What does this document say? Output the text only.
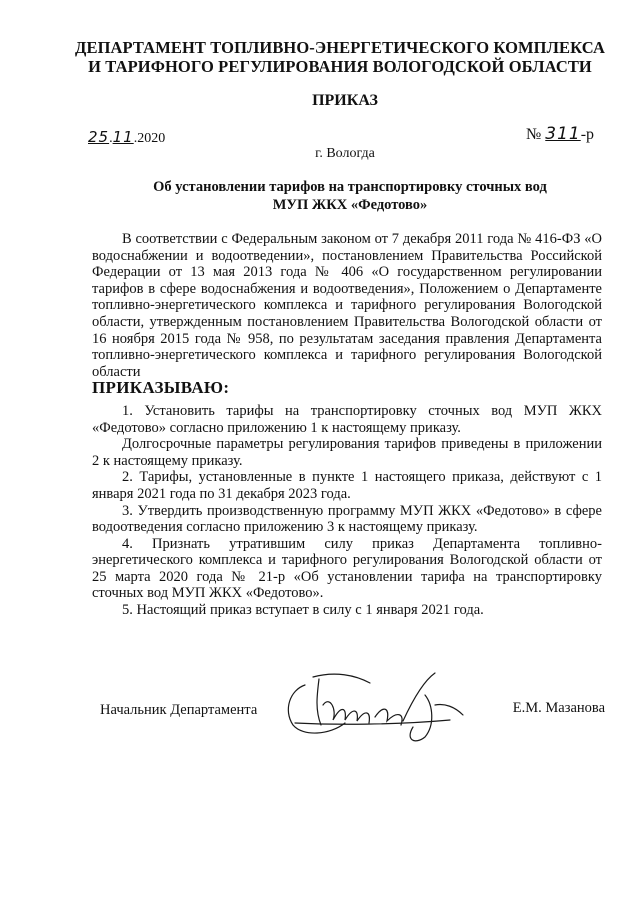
ДЕПАРТАМЕНТ ТОПЛИВНО-ЭНЕРГЕТИЧЕСКОГО КОМПЛЕКСА
И ТАРИФНОГО РЕГУЛИРОВАНИЯ ВОЛОГОДСКОЙ ОБЛАСТИ
ПРИКАЗ
25.11.2020	№ 311-р
г. Вологда
Об установлении тарифов на транспортировку сточных вод
МУП ЖКХ «Федотово»

В соответствии с Федеральным законом от 7 декабря 2011 года № 416-ФЗ «О водоснабжении и водоотведении», постановлением Правительства Российской Федерации от 13 мая 2013 года № 406 «О государственном регулировании тарифов в сфере водоснабжения и водоотведения», Положением о Департаменте топливно-энергетического комплекса и тарифного регулирования Вологодской области, утвержденным постановлением Правительства Вологодской области от 16 ноября 2015 года № 958, по результатам заседания правления Департамента топливно-энергетического комплекса и тарифного регулирования Вологодской области

ПРИКАЗЫВАЮ:

1. Установить тарифы на транспортировку сточных вод МУП ЖКХ «Федотово» согласно приложению 1 к настоящему приказу.

Долгосрочные параметры регулирования тарифов приведены в приложении 2 к настоящему приказу.

2. Тарифы, установленные в пункте 1 настоящего приказа, действуют с 1 января 2021 года по 31 декабря 2023 года.

3. Утвердить производственную программу МУП ЖКХ «Федотово» в сфере водоотведения согласно приложению 3 к настоящему приказу.

4. Признать утратившим силу приказ Департамента топливно-энергетического комплекса и тарифного регулирования Вологодской области от 25 марта 2020 года № 21-р «Об установлении тарифа на транспортировку сточных вод МУП ЖКХ «Федотово».

5. Настоящий приказ вступает в силу с 1 января 2021 года.

Начальник Департамента	Е.М. Мазанова
